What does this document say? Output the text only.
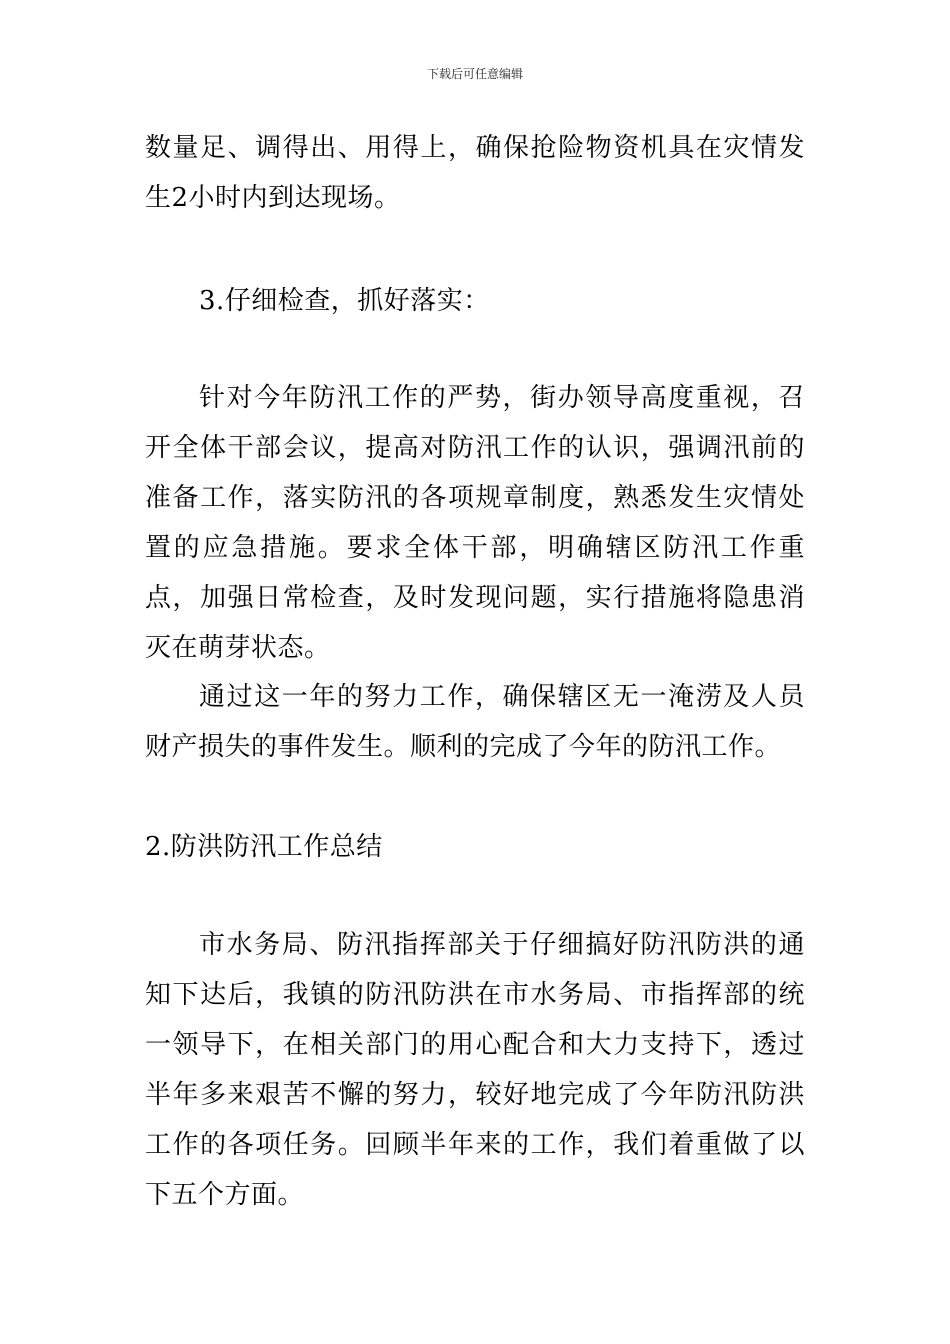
下载后可任意编辑

数量足、调得出、用得上，确保抢险物资机具在灾情发生2小时内到达现场。

3.仔细检查，抓好落实：

针对今年防汛工作的严势，街办领导高度重视，召开全体干部会议，提高对防汛工作的认识，强调汛前的准备工作，落实防汛的各项规章制度，熟悉发生灾情处置的应急措施。要求全体干部，明确辖区防汛工作重点，加强日常检查，及时发现问题，实行措施将隐患消灭在萌芽状态。

通过这一年的努力工作，确保辖区无一淹涝及人员财产损失的事件发生。顺利的完成了今年的防汛工作。

2.防洪防汛工作总结

市水务局、防汛指挥部关于仔细搞好防汛防洪的通知下达后，我镇的防汛防洪在市水务局、市指挥部的统一领导下，在相关部门的用心配合和大力支持下，透过半年多来艰苦不懈的努力，较好地完成了今年防汛防洪工作的各项任务。回顾半年来的工作，我们着重做了以下五个方面。
